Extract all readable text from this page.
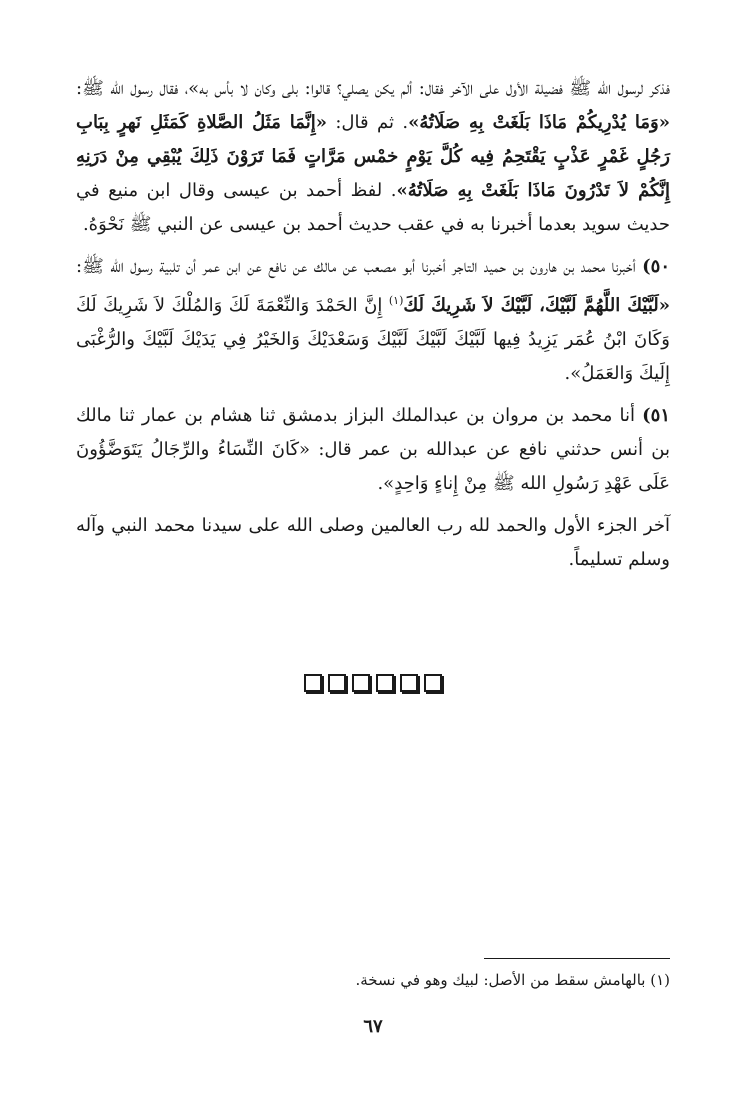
فذكر لرسول الله ﷺ فضيلة الأول على الآخر فقال: ألم يكن يصلي؟ قالوا: بلى وكان لا بأس به»، فقال رسول الله ﷺ: «وَمَا يُدْرِيكُمْ مَاذَا بَلَغَتْ بِهِ صَلَاتُهُ». ثم قال: «إِنَّمَا مَثَلُ الصَّلاةِ كَمَثَلِ نَهرٍ بِبَابِ رَجُلٍ غَمْرٍ عَذْبٍ يَقْتَحِمُ فِيه كُلَّ يَوْمٍ خمْس مَرَّاتٍ فَمَا تَرَوْنَ ذَلِكَ يُبْقِي مِنْ دَرَنِهِ إِنَّكُمْ لاَ تَدْرُونَ مَاذَا بَلَغَتْ بِهِ صَلَاتُهُ». لفظ أحمد بن عيسى وقال ابن منيع في حديث سويد بعدما أخبرنا به في عقب حديث أحمد بن عيسى عن النبي ﷺ نَحْوَهُ.

٥٠) أخبرنا محمد بن هارون بن حميد التاجر أخبرنا أبو مصعب عن مالك عن نافع عن ابن عمر أن تلبية رسول الله ﷺ: «لَبَّيْكَ اللَّهُمَّ لَبَّيْكَ، لَبَّيْكَ لاَ شَرِيكَ لَكَ$^{(١)}$ إِنَّ الحَمْدَ وَالنِّعْمَةَ لَكَ وَالمُلْكَ لاَ شَرِيكَ لَكَ وَكَانَ ابْنُ عُمَر يَزِيدُ فِيها لَبَّيْكَ لَبَّيْكَ لَبَّيْكَ وَسَعْدَيْكَ وَالخَيْرُ فِي يَدَيْكَ لَبَّيْكَ والرُّغْبَى إِلَيكَ وَالعَمَلُ».

٥١) أنا محمد بن مروان بن عبدالملك البزاز بدمشق ثنا هشام بن عمار ثنا مالك بن أنس حدثني نافع عن عبدالله بن عمر قال: «كَانَ النِّسَاءُ والرِّجَالُ يَتَوَضَّؤُونَ عَلَى عَهْدِ رَسُولِ الله ﷺ مِنْ إِناءٍ وَاحِدٍ».

آخر الجزء الأول والحمد لله رب العالمين وصلى الله على سيدنا محمد النبي وآله وسلم تسليماً.

(١) بالهامش سقط من الأصل: لبيك وهو في نسخة.
٦٧
